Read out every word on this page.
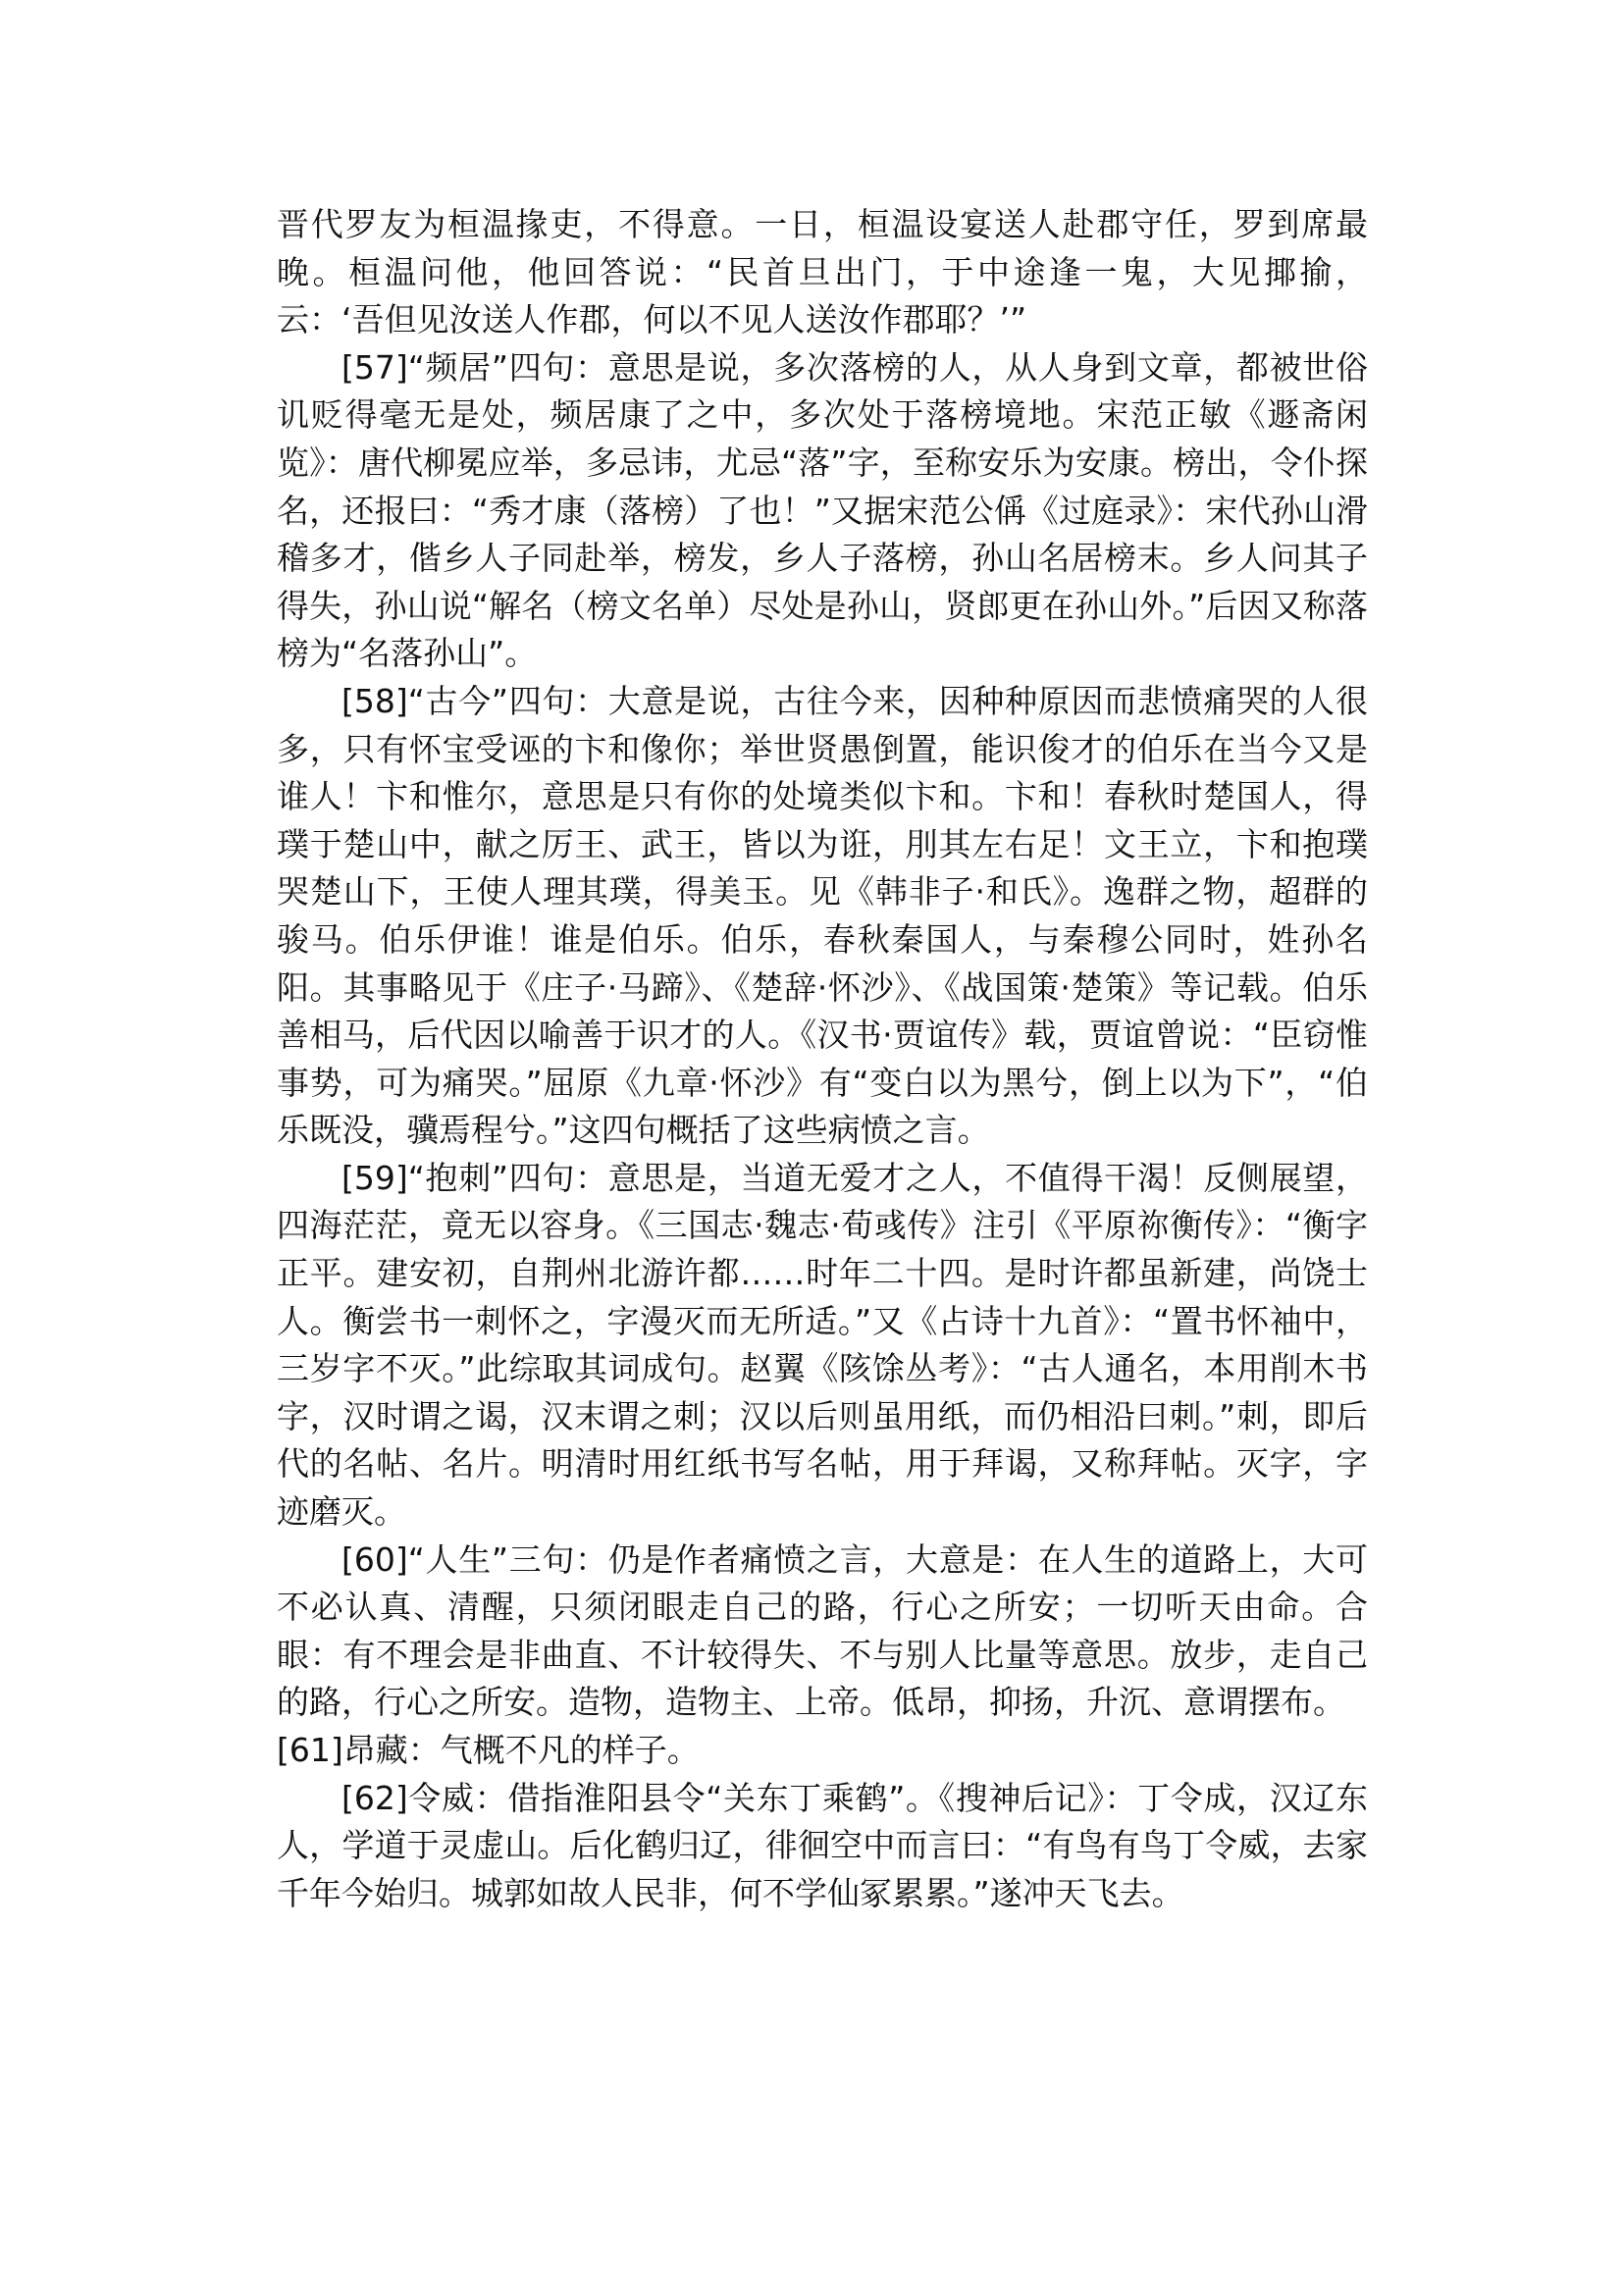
晋代罗友为桓温掾吏，不得意。一日，桓温设宴送人赴郡守任，罗到席最晚。桓温问他，他回答说：“民首旦出门，于中途逢一鬼，大见揶揄，云：‘吾但见汝送人作郡，何以不见人送汝作郡耶？’”

[57]“频居”四句：意思是说，多次落榜的人，从人身到文章，都被世俗讥贬得毫无是处，频居康了之中，多次处于落榜境地。宋范正敏《遯斋闲览》：唐代柳冕应举，多忌讳，尤忌“落”字，至称安乐为安康。榜出，令仆探名，还报曰：“秀才康（落榜）了也！”又据宋范公偁《过庭录》：宋代孙山滑稽多才，偕乡人子同赴举，榜发，乡人子落榜，孙山名居榜末。乡人问其子得失，孙山说“解名（榜文名单）尽处是孙山，贤郎更在孙山外。”后因又称落榜为“名落孙山”。

[58]“古今”四句：大意是说，古往今来，因种种原因而悲愤痛哭的人很多，只有怀宝受诬的卞和像你；举世贤愚倒置，能识俊才的伯乐在当今又是谁人！卞和惟尔，意思是只有你的处境类似卞和。卞和！春秋时楚国人，得璞于楚山中，献之厉王、武王，皆以为诳，刖其左右足！文王立，卞和抱璞哭楚山下，王使人理其璞，得美玉。见《韩非子·和氏》。逸群之物，超群的骏马。伯乐伊谁！谁是伯乐。伯乐，春秋秦国人，与秦穆公同时，姓孙名阳。其事略见于《庄子·马蹄》、《楚辞·怀沙》、《战国策·楚策》等记载。伯乐善相马，后代因以喻善于识才的人。《汉书·贾谊传》载，贾谊曾说：“臣窃惟事势，可为痛哭。”屈原《九章·怀沙》有“变白以为黑兮，倒上以为下”，“伯乐既没，骥焉程兮。”这四句概括了这些病愤之言。

[59]“抱刺”四句：意思是，当道无爱才之人，不值得干渴！反侧展望，四海茫茫，竟无以容身。《三国志·魏志·荀彧传》注引《平原祢衡传》：“衡字正平。建安初，自荆州北游许都……时年二十四。是时许都虽新建，尚饶士人。衡尝书一刺怀之，字漫灭而无所适。”又《占诗十九首》：“置书怀袖中，三岁字不灭。”此综取其词成句。赵翼《陔馀丛考》：“古人通名，本用削木书字，汉时谓之谒，汉末谓之刺；汉以后则虽用纸，而仍相沿曰刺。”刺，即后代的名帖、名片。明清时用红纸书写名帖，用于拜谒，又称拜帖。灭字，字迹磨灭。

[60]“人生”三句：仍是作者痛愤之言，大意是：在人生的道路上，大可不必认真、清醒，只须闭眼走自己的路，行心之所安；一切听天由命。合眼：有不理会是非曲直、不计较得失、不与别人比量等意思。放步，走自己的路，行心之所安。造物，造物主、上帝。低昂，抑扬，升沉、意谓摆布。

[61]昂藏：气概不凡的样子。

[62]令威：借指淮阳县令“关东丁乘鹤”。《搜神后记》：丁令成，汉辽东人，学道于灵虚山。后化鹤归辽，徘徊空中而言曰：“有鸟有鸟丁令威，去家千年今始归。城郭如故人民非，何不学仙冢累累。”遂冲天飞去。
